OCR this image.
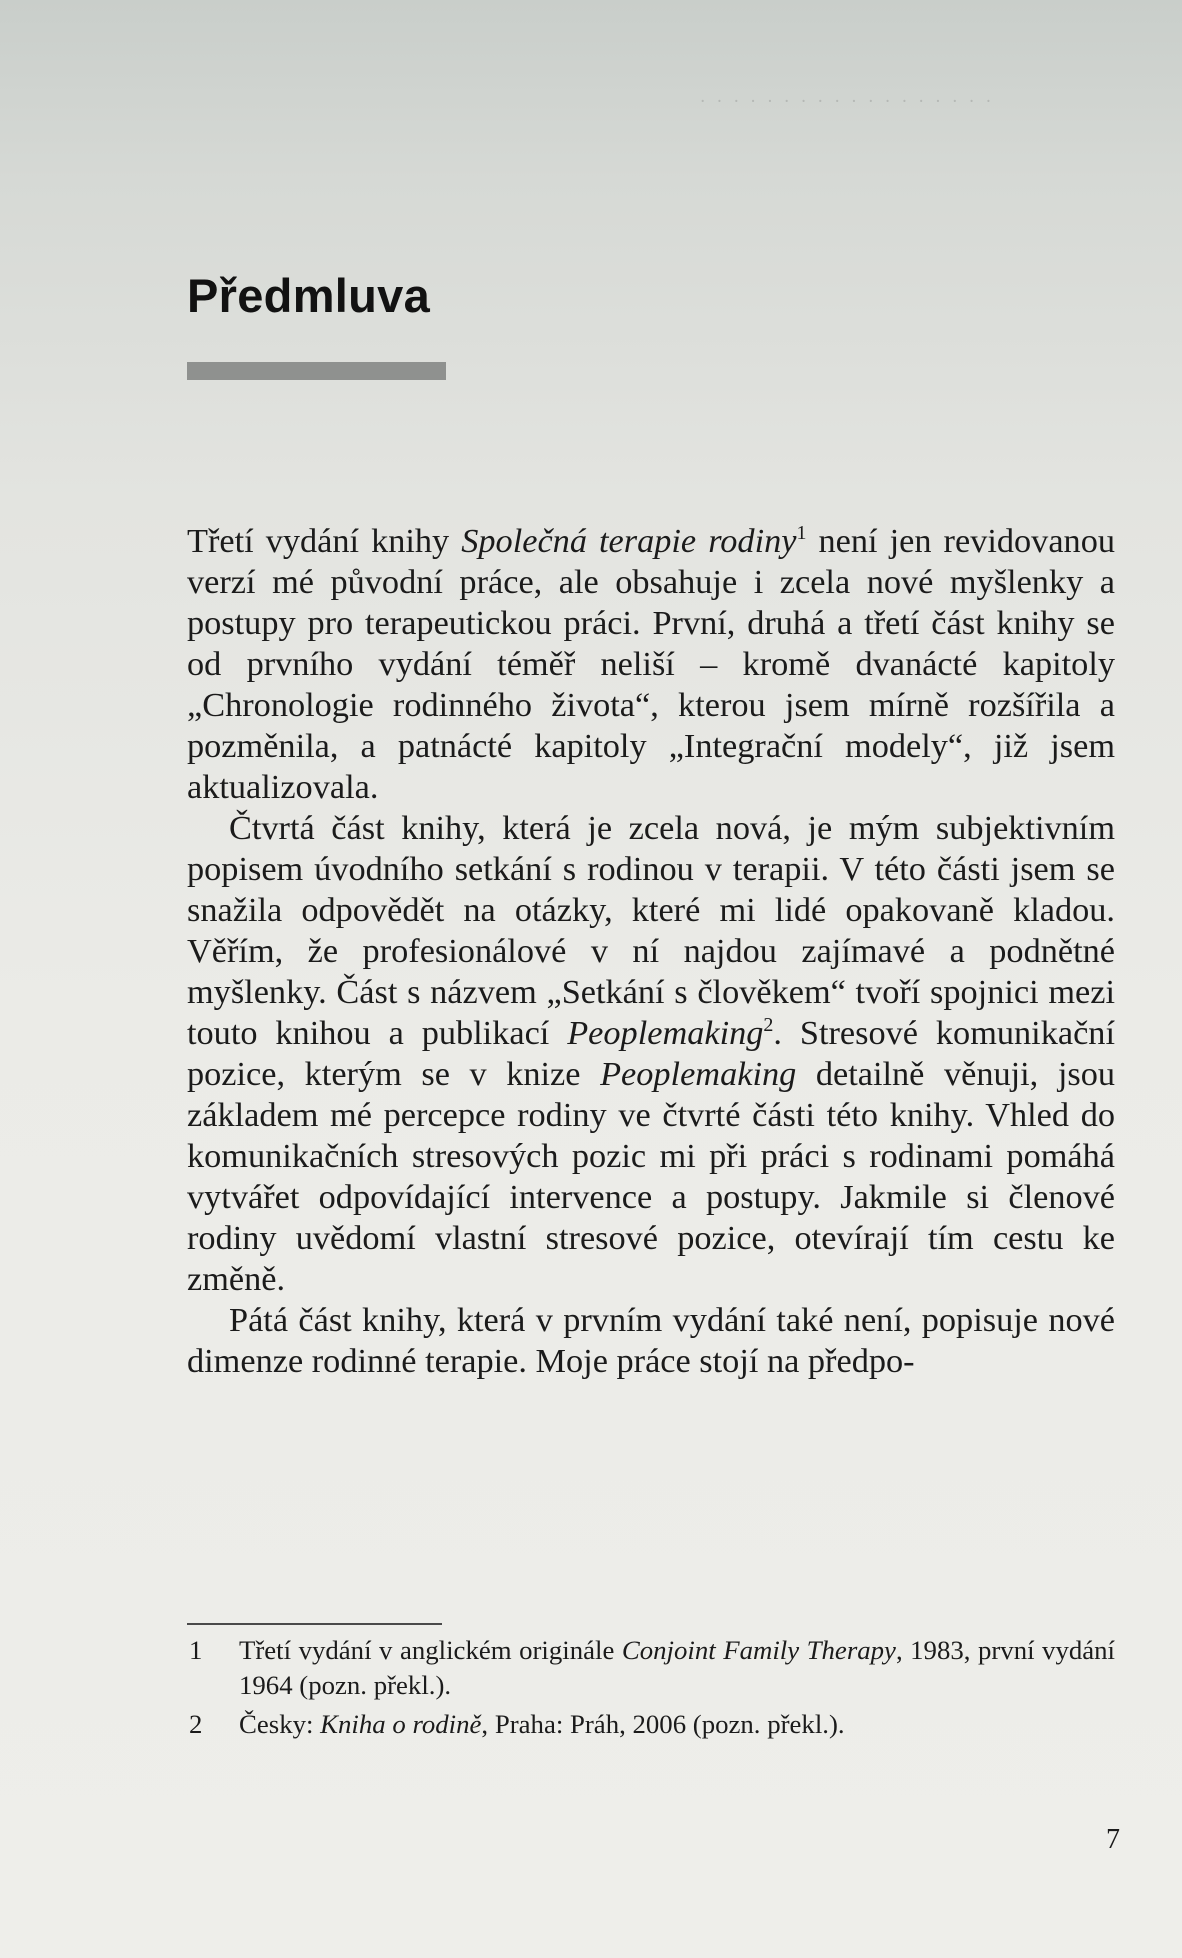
· · · · · · · · · · · · · · · · · ·
Předmluva

Třetí vydání knihy Společná terapie rodiny$^1$ není jen revidovanou verzí mé původní práce, ale obsahuje i zcela nové myšlenky a postupy pro terapeutickou práci. První, druhá a třetí část knihy se od prvního vydání téměř neliší – kromě dvanácté kapitoly „Chronologie rodinného života“, kterou jsem mírně rozšířila a pozměnila, a patnácté kapitoly „Integrační modely“, již jsem aktualizovala.

Čtvrtá část knihy, která je zcela nová, je mým subjektivním popisem úvodního setkání s rodinou v terapii. V této části jsem se snažila odpovědět na otázky, které mi lidé opakovaně kladou. Věřím, že profesionálové v ní najdou zajímavé a podnětné myšlenky. Část s názvem „Setkání s člověkem“ tvoří spojnici mezi touto knihou a publikací Peoplemaking$^2$. Stresové komunikační pozice, kterým se v knize Peoplemaking detailně věnuji, jsou základem mé percepce rodiny ve čtvrté části této knihy. Vhled do komunikačních stresových pozic mi při práci s rodinami pomáhá vytvářet odpovídající intervence a postupy. Jakmile si členové rodiny uvědomí vlastní stresové pozice, otevírají tím cestu ke změně.

Pátá část knihy, která v prvním vydání také není, popisuje nové dimenze rodinné terapie. Moje práce stojí na předpo-

1 Třetí vydání v anglickém originále Conjoint Family Therapy, 1983, první vydání 1964 (pozn. překl.).
2 Česky: Kniha o rodině, Praha: Práh, 2006 (pozn. překl.).
7
